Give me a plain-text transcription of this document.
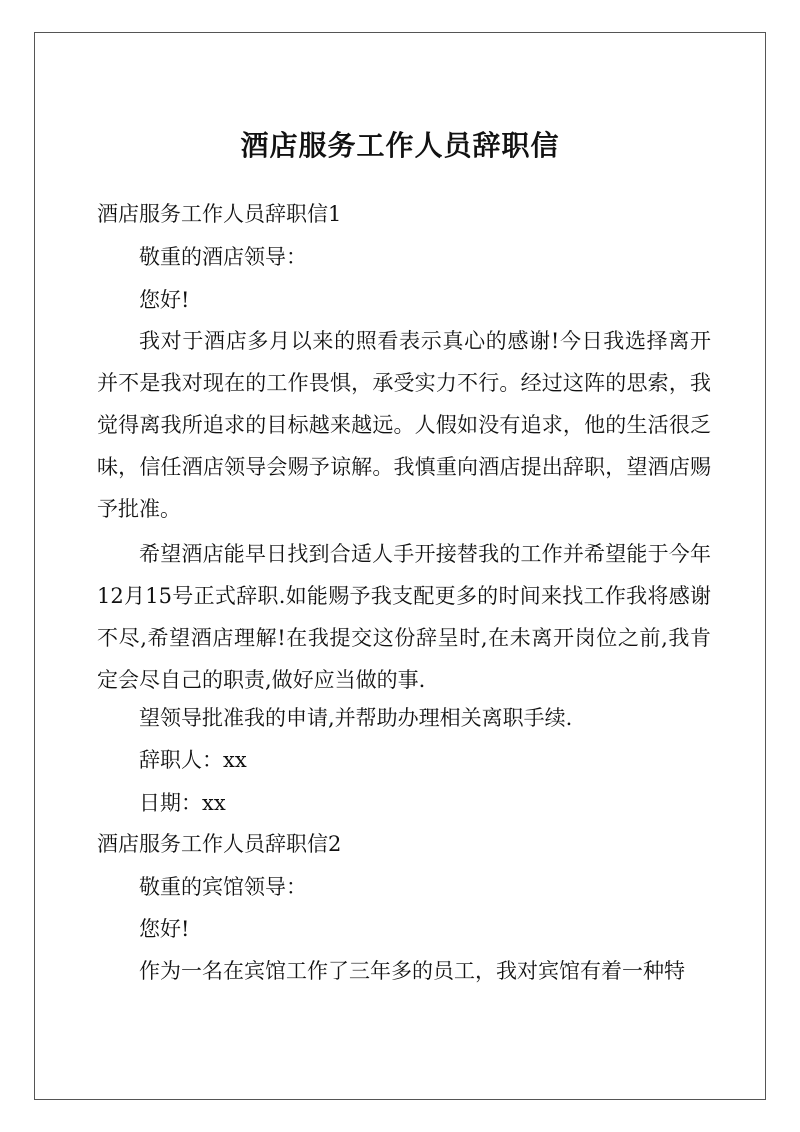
酒店服务工作人员辞职信
酒店服务工作人员辞职信1
敬重的酒店领导：
您好!
我对于酒店多月以来的照看表示真心的感谢!今日我选择离开并不是我对现在的工作畏惧，承受实力不行。经过这阵的思索，我觉得离我所追求的目标越来越远。人假如没有追求，他的生活很乏味，信任酒店领导会赐予谅解。我慎重向酒店提出辞职，望酒店赐予批准。
希望酒店能早日找到合适人手开接替我的工作并希望能于今年12月15号正式辞职.如能赐予我支配更多的时间来找工作我将感谢不尽,希望酒店理解!在我提交这份辞呈时,在未离开岗位之前,我肯定会尽自己的职责,做好应当做的事.
望领导批准我的申请,并帮助办理相关离职手续.
辞职人：xx
日期：xx
酒店服务工作人员辞职信2
敬重的宾馆领导：
您好!
作为一名在宾馆工作了三年多的员工，我对宾馆有着一种特
